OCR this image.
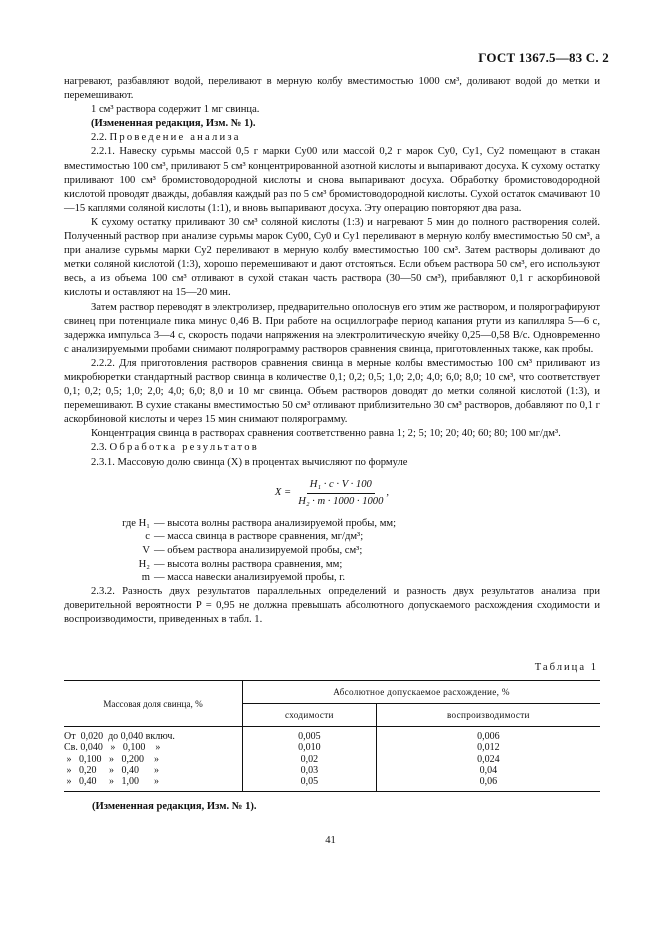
ГОСТ 1367.5—83 С. 2

нагревают, разбавляют водой, переливают в мерную колбу вместимостью 1000 см³, доливают водой до метки и перемешивают.

1 см³ раствора содержит 1 мг свинца.

(Измененная редакция, Изм. № 1).

2.2. Проведение анализа

2.2.1. Навеску сурьмы массой 0,5 г марки Су00 или массой 0,2 г марок Су0, Су1, Су2 помещают в стакан вместимостью 100 см³, приливают 5 см³ концентрированной азотной кислоты и выпаривают досуха. К сухому остатку приливают 100 см³ бромистоводородной кислоты и снова выпаривают досуха. Обработку бромистоводородной кислотой проводят дважды, добавляя каждый раз по 5 см³ бромистоводородной кислоты. Сухой остаток смачивают 10—15 каплями соляной кислоты (1:1), и вновь выпаривают досуха. Эту операцию повторяют два раза.

К сухому остатку приливают 30 см³ соляной кислоты (1:3) и нагревают 5 мин до полного растворения солей. Полученный раствор при анализе сурьмы марок Су00, Су0 и Су1 переливают в мерную колбу вместимостью 50 см³, а при анализе сурьмы марки Су2 переливают в мерную колбу вместимостью 100 см³. Затем растворы доливают до метки соляной кислотой (1:3), хорошо перемешивают и дают отстояться. Если объем раствора 50 см³, его используют весь, а из объема 100 см³ отливают в сухой стакан часть раствора (30—50 см³), прибавляют 0,1 г аскорбиновой кислоты и оставляют на 15—20 мин.

Затем раствор переводят в электролизер, предварительно ополоснув его этим же раствором, и полярографируют свинец при потенциале пика минус 0,46 В. При работе на осциллографе период капания ртути из капилляра 5—6 с, задержка импульса 3—4 с, скорость подачи напряжения на электролитическую ячейку 0,25—0,58 В/с. Одновременно с анализируемыми пробами снимают полярограмму растворов сравнения свинца, приготовленных также, как пробы.

2.2.2. Для приготовления растворов сравнения свинца в мерные колбы вместимостью 100 см³ приливают из микробюретки стандартный раствор свинца в количестве 0,1; 0,2; 0,5; 1,0; 2,0; 4,0; 6,0; 8,0; 10 см³, что соответствует 0,1; 0,2; 0,5; 1,0; 2,0; 4,0; 6,0; 8,0 и 10 мг свинца. Объем растворов доводят до метки соляной кислотой (1:3), и перемешивают. В сухие стаканы вместимостью 50 см³ отливают приблизительно 30 см³ растворов, добавляют по 0,1 г аскорбиновой кислоты и через 15 мин снимают полярограмму.

Концентрация свинца в растворах сравнения соответственно равна 1; 2; 5; 10; 20; 40; 60; 80; 100 мг/дм³.

2.3. Обработка результатов

2.3.1. Массовую долю свинца (X) в процентах вычисляют по формуле

$X = \frac{\text{H₁ · c · V · 100}}{\text{H₂ · m · 1000 · 1000}}$ ,
где H₁ — высота волны раствора анализируемой пробы, мм;
c — масса свинца в растворе сравнения, мг/дм³;
V — объем раствора анализируемой пробы, см³;
H₂ — высота волны раствора сравнения, мм;
m — масса навески анализируемой пробы, г.

2.3.2. Разность двух результатов параллельных определений и разность двух результатов анализа при доверительной вероятности P = 0,95 не должна превышать абсолютного допускаемого расхождения сходимости и воспроизводимости, приведенных в табл. 1.

Таблица 1
Массовая доля свинца, %	Абсолютное допускаемое расхождение, %	
	сходимости	воспроизводимости
От  0,020  до 0,040 включ.	0,005	0,006
Св. 0,040   »   0,100    »	0,010	0,012
»   0,100   »   0,200    »	0,02	0,024
»   0,20     »   0,40      »	0,03	0,04
»   0,40     »   1,00      »	0,05	0,06
(Измененная редакция, Изм. № 1).
41
